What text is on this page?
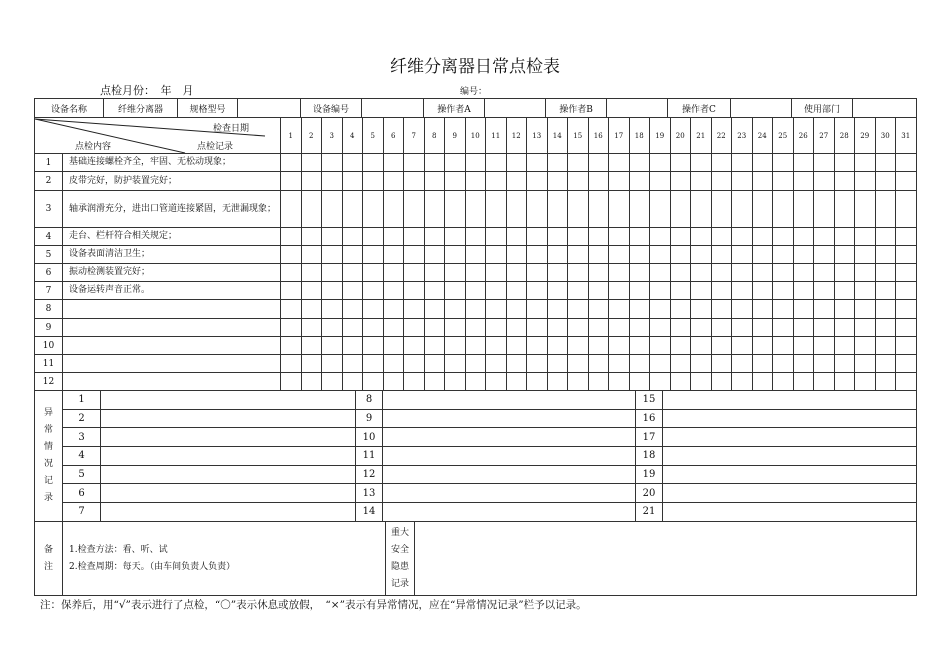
纤维分离器日常点检表
点检月份：　年　月	编号：
设备名称	纤维分离器	规格型号		设备编号		操作者A		操作者B		操作者C		使用部门	
检查日期
点检内容 点检记录		1	2	3	4	5	6	7	8	9	10	11	12	13	14	15	16	17	18	19	20	21	22	23	24	25	26	27	28	29	30	31
1	基础连接螺栓齐全，牢固、无松动现象；																															
2	皮带完好，防护装置完好；																															
3	轴承润滑充分，进出口管道连接紧固，无泄漏现象；																															
4	走台、栏杆符合相关规定；																															
5	设备表面清洁卫生；																															
6	振动检测装置完好；																															
7	设备运转声音正常。																															
8																																
9																																
10																																
11																																
12																																
异常情况记录	1		8		15	
	2		9		16	
	3		10		17	
	4		11		18	
	5		12		19	
	6		13		20	
	7		14		21	
备注

1.检查方法：看、听、试
2.检查周期：每天。（由车间负责人负责）

重大安全隐患记录

注：保养后，用“√”表示进行了点检，“〇”表示休息或放假，　“×”表示有异常情况，应在“异常情况记录”栏予以记录。
